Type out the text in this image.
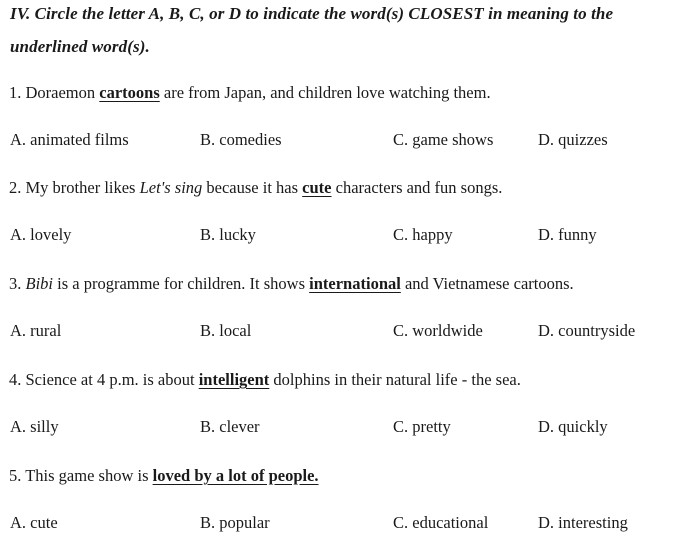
IV. Circle the letter A, B, C, or D to indicate the word(s) CLOSEST in meaning to the
underlined word(s).
1. Doraemon cartoons are from Japan, and children love watching them.
A. animated films	B. comedies	C. game shows	D. quizzes
2. My brother likes Let's sing because it has cute characters and fun songs.
A. lovely	B. lucky	C. happy	D. funny
3. Bibi is a programme for children. It shows international and Vietnamese cartoons.
A. rural	B. local	C. worldwide	D. countryside
4. Science at 4 p.m. is about intelligent dolphins in their natural life - the sea.
A. silly	B. clever	C. pretty	D. quickly
5. This game show is loved by a lot of people.
A. cute	B. popular	C. educational	D. interesting
